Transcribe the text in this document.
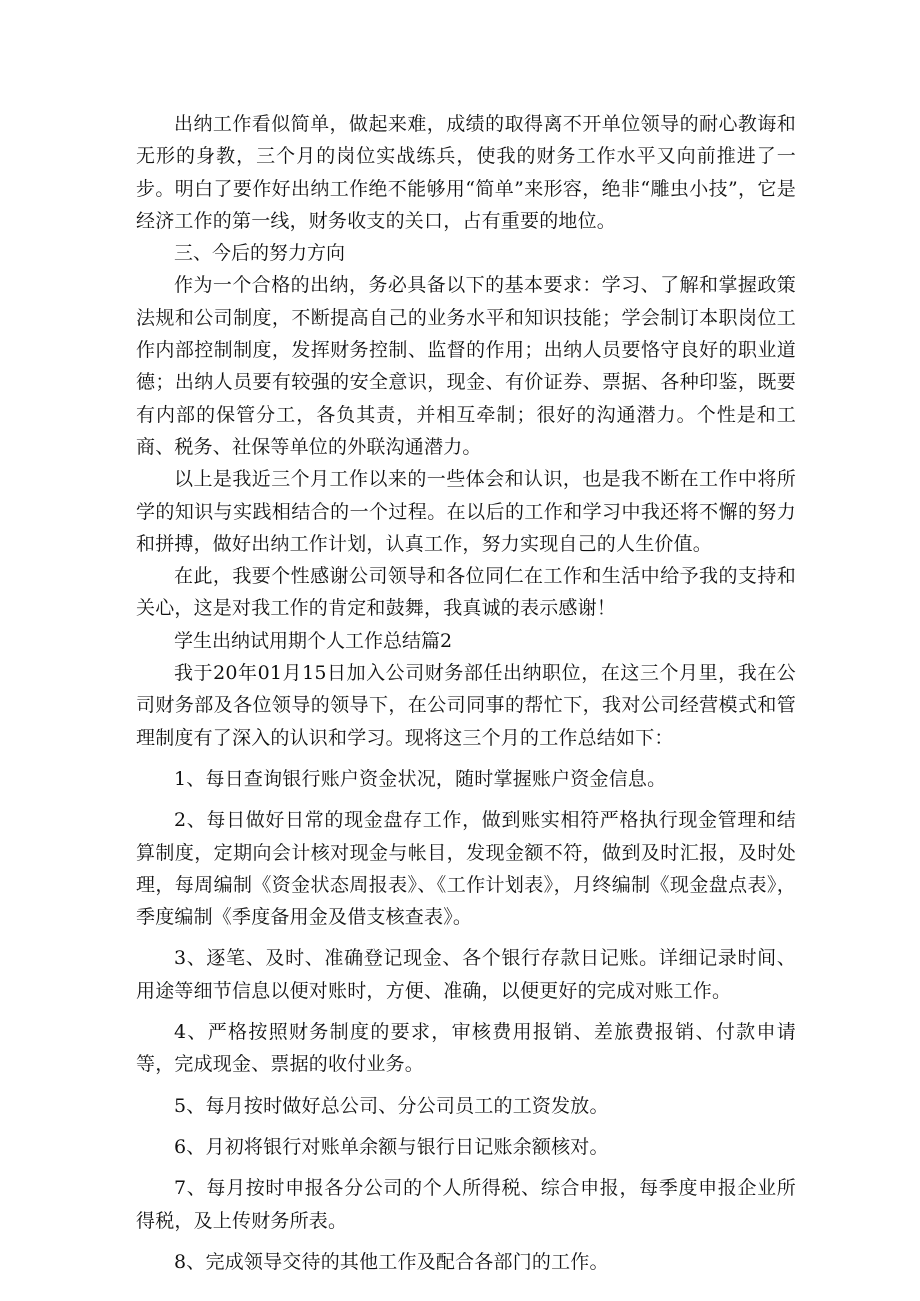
出纳工作看似简单，做起来难，成绩的取得离不开单位领导的耐心教诲和无形的身教，三个月的岗位实战练兵，使我的财务工作水平又向前推进了一步。明白了要作好出纳工作绝不能够用“简单”来形容，绝非“雕虫小技”，它是经济工作的第一线，财务收支的关口，占有重要的地位。

三、今后的努力方向

作为一个合格的出纳，务必具备以下的基本要求：学习、了解和掌握政策法规和公司制度，不断提高自己的业务水平和知识技能；学会制订本职岗位工作内部控制制度，发挥财务控制、监督的作用；出纳人员要恪守良好的职业道德；出纳人员要有较强的安全意识，现金、有价证券、票据、各种印鉴，既要有内部的保管分工，各负其责，并相互牵制；很好的沟通潜力。个性是和工商、税务、社保等单位的外联沟通潜力。

以上是我近三个月工作以来的一些体会和认识，也是我不断在工作中将所学的知识与实践相结合的一个过程。在以后的工作和学习中我还将不懈的努力和拼搏，做好出纳工作计划，认真工作，努力实现自己的人生价值。

在此，我要个性感谢公司领导和各位同仁在工作和生活中给予我的支持和关心，这是对我工作的肯定和鼓舞，我真诚的表示感谢！

学生出纳试用期个人工作总结篇2

我于20年01月15日加入公司财务部任出纳职位，在这三个月里，我在公司财务部及各位领导的领导下，在公司同事的帮忙下，我对公司经营模式和管理制度有了深入的认识和学习。现将这三个月的工作总结如下：

1、每日查询银行账户资金状况，随时掌握账户资金信息。

2、每日做好日常的现金盘存工作，做到账实相符严格执行现金管理和结算制度，定期向会计核对现金与帐目，发现金额不符，做到及时汇报，及时处理，每周编制《资金状态周报表》、《工作计划表》，月终编制《现金盘点表》，季度编制《季度备用金及借支核查表》。

3、逐笔、及时、准确登记现金、各个银行存款日记账。详细记录时间、用途等细节信息以便对账时，方便、准确，以便更好的完成对账工作。

4、严格按照财务制度的要求，审核费用报销、差旅费报销、付款申请等，完成现金、票据的收付业务。

5、每月按时做好总公司、分公司员工的工资发放。

6、月初将银行对账单余额与银行日记账余额核对。

7、每月按时申报各分公司的个人所得税、综合申报，每季度申报企业所得税，及上传财务所表。

8、完成领导交待的其他工作及配合各部门的工作。
